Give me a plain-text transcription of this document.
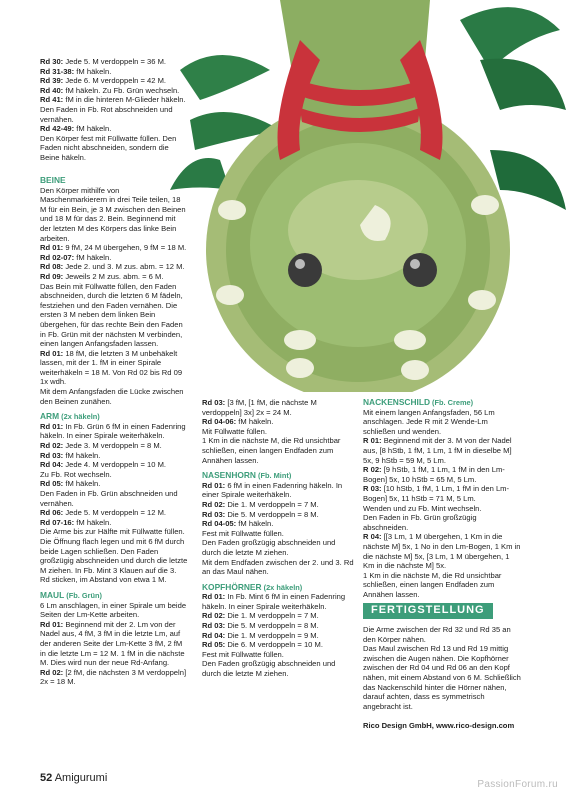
Rd 30: Jede 5. M verdoppeln = 36 M.

Rd 31-38: fM häkeln.

Rd 39: Jede 6. M verdoppeln = 42 M.

Rd 40: fM häkeln. Zu Fb. Grün wechseln.

Rd 41: fM in die hinteren M-Glieder häkeln.

Den Faden in Fb. Rot abschneiden und vernähen.

Rd 42-49: fM häkeln.

Den Körper fest mit Füllwatte füllen. Den Faden nicht abschneiden, sondern die Beine häkeln.

BEINE

Den Körper mithilfe von Maschenmarkierern in drei Teile teilen, 18 M für ein Bein, je 3 M zwischen den Beinen und 18 M für das 2. Bein. Beginnend mit der letzten M des Körpers das linke Bein arbeiten.

Rd 01: 9 fM, 24 M übergehen, 9 fM = 18 M.

Rd 02-07: fM häkeln.

Rd 08: Jede 2. und 3. M zus. abm. = 12 M.

Rd 09: Jeweils 2 M zus. abm. = 6 M.

Das Bein mit Füllwatte füllen, den Faden abschneiden, durch die letzten 6 M fädeln, festziehen und den Faden vernähen. Die ersten 3 M neben dem linken Bein übergehen, für das rechte Bein den Faden in Fb. Grün mit der nächsten M verbinden, einen langen Anfangsfaden lassen.

Rd 01: 18 fM, die letzten 3 M unbehäkelt lassen, mit der 1. fM in einer Spirale weiterhäkeln = 18 M. Von Rd 02 bis Rd 09 1x wdh.

Mit dem Anfangsfaden die Lücke zwischen den Beinen zunähen.

ARM (2x häkeln)

Rd 01: In Fb. Grün 6 fM in einen Fadenring häkeln. In einer Spirale weiterhäkeln.

Rd 02: Jede 3. M verdoppeln = 8 M.

Rd 03: fM häkeln.

Rd 04: Jede 4. M verdoppeln = 10 M.

Zu Fb. Rot wechseln.

Rd 05: fM häkeln.

Den Faden in Fb. Grün abschneiden und vernähen.

Rd 06: Jede 5. M verdoppeln = 12 M.

Rd 07-16: fM häkeln.

Die Arme bis zur Hälfte mit Füllwatte füllen. Die Öffnung flach legen und mit 6 fM durch beide Lagen schließen. Den Faden großzügig abschneiden und durch die letzte M ziehen. In Fb. Mint 3 Klauen auf die 3. Rd sticken, im Abstand von etwa 1 M.

MAUL (Fb. Grün)

6 Lm anschlagen, in einer Spirale um beide Seiten der Lm-Kette arbeiten.

Rd 01: Beginnend mit der 2. Lm von der Nadel aus, 4 fM, 3 fM in die letzte Lm, auf der anderen Seite der Lm-Kette 3 fM, 2 fM in die letzte Lm = 12 M. 1 fM in die nächste M. Dies wird nun der neue Rd-Anfang.

Rd 02: [2 fM, die nächsten 3 M verdoppeln] 2x = 18 M.

Rd 03: [3 fM, [1 fM, die nächste M verdoppeln] 3x] 2x = 24 M.

Rd 04-06: fM häkeln.

Mit Füllwatte füllen.

1 Km in die nächste M, die Rd unsichtbar schließen, einen langen Endfaden zum Annähen lassen.

NASENHORN (Fb. Mint)

Rd 01: 6 fM in einen Fadenring häkeln. In einer Spirale weiterhäkeln.

Rd 02: Die 1. M verdoppeln = 7 M.

Rd 03: Die 5. M verdoppeln = 8 M.

Rd 04-05: fM häkeln.

Fest mit Füllwatte füllen.

Den Faden großzügig abschneiden und durch die letzte M ziehen.

Mit dem Endfaden zwischen der 2. und 3. Rd an das Maul nähen.

KOPFHÖRNER (2x häkeln)

Rd 01: In Fb. Mint 6 fM in einen Fadenring häkeln. In einer Spirale weiterhäkeln.

Rd 02: Die 1. M verdoppeln = 7 M.

Rd 03: Die 5. M verdoppeln = 8 M.

Rd 04: Die 1. M verdoppeln = 9 M.

Rd 05: Die 6. M verdoppeln = 10 M.

Fest mit Füllwatte füllen.

Den Faden großzügig abschneiden und durch die letzte M ziehen.

NACKENSCHILD (Fb. Creme)

Mit einem langen Anfangsfaden, 56 Lm anschlagen. Jede R mit 2 Wende-Lm schließen und wenden.

R 01: Beginnend mit der 3. M von der Nadel aus, [8 hStb, 1 fM, 1 Lm, 1 fM in dieselbe M] 5x, 9 hStb = 59 M, 5 Lm.

R 02: [9 hStb, 1 fM, 1 Lm, 1 fM in den Lm-Bogen] 5x, 10 hStb = 65 M, 5 Lm.

R 03: [10 hStb, 1 fM, 1 Lm, 1 fM in den Lm-Bogen] 5x, 11 hStb = 71 M, 5 Lm.

Wenden und zu Fb. Mint wechseln.

Den Faden in Fb. Grün großzügig abschneiden.

R 04: [[3 Lm, 1 M übergehen, 1 Km in die nächste M] 5x, 1 No in den Lm-Bogen, 1 Km in die nächste M] 5x, [3 Lm, 1 M übergehen, 1 Km in die nächste M] 5x.

1 Km in die nächste M, die Rd unsichtbar schließen, einen langen Endfaden zum Annähen lassen.

FERTIGSTELLUNG

Die Arme zwischen der Rd 32 und Rd 35 an den Körper nähen.

Das Maul zwischen Rd 13 und Rd 19 mittig zwischen die Augen nähen. Die Kopfhörner zwischen der Rd 04 und Rd 06 an den Kopf nähen, mit einem Abstand von 6 M. Schließlich das Nackenschild hinter die Hörner nähen, darauf achten, dass es symmetrisch angebracht ist.

Rico Design GmbH, www.rico-design.com

52 Amigurumi
PassionForum.ru
